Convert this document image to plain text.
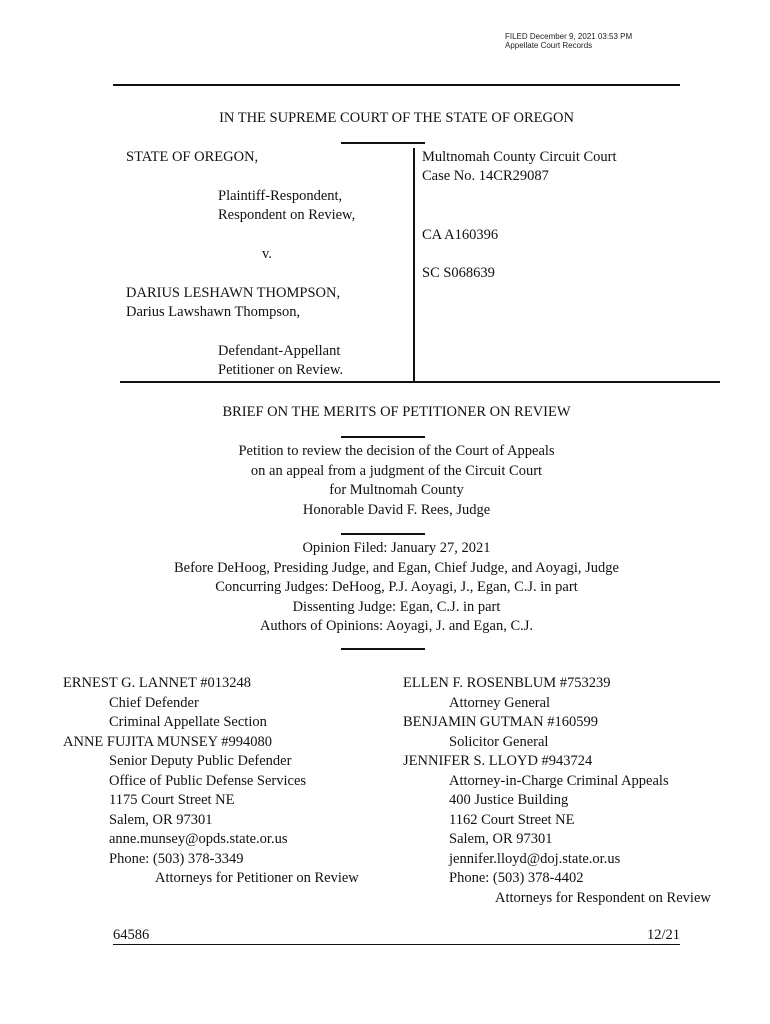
FILED December 9, 2021 03:53 PM
Appellate Court Records
IN THE SUPREME COURT OF THE STATE OF OREGON
STATE OF OREGON,
Plaintiff-Respondent,
Respondent on Review,
v.
DARIUS LESHAWN THOMPSON,
Darius Lawshawn Thompson,
Defendant-Appellant
Petitioner on Review.
Multnomah County Circuit Court
Case No. 14CR29087
CA A160396
SC S068639
BRIEF ON THE MERITS OF PETITIONER ON REVIEW
Petition to review the decision of the Court of Appeals
on an appeal from a judgment of the Circuit Court
for Multnomah County
Honorable David F. Rees, Judge
Opinion Filed: January 27, 2021
Before DeHoog, Presiding Judge, and Egan, Chief Judge, and Aoyagi, Judge
Concurring Judges: DeHoog, P.J. Aoyagi, J., Egan, C.J. in part
Dissenting Judge: Egan, C.J. in part
Authors of Opinions: Aoyagi, J. and Egan, C.J.
ERNEST G. LANNET #013248
Chief Defender
Criminal Appellate Section
ANNE FUJITA MUNSEY #994080
Senior Deputy Public Defender
Office of Public Defense Services
1175 Court Street NE
Salem, OR 97301
anne.munsey@opds.state.or.us
Phone: (503) 378-3349
Attorneys for Petitioner on Review
ELLEN F. ROSENBLUM #753239
Attorney General
BENJAMIN GUTMAN #160599
Solicitor General
JENNIFER S. LLOYD #943724
Attorney-in-Charge Criminal Appeals
400 Justice Building
1162 Court Street NE
Salem, OR 97301
jennifer.lloyd@doj.state.or.us
Phone: (503) 378-4402
Attorneys for Respondent on Review
64586	12/21
